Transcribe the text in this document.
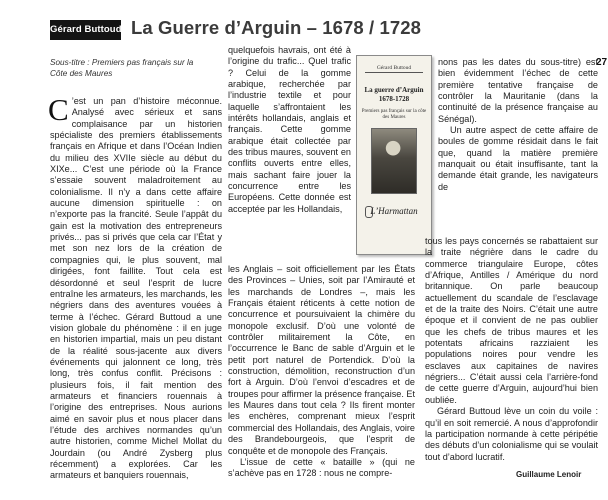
Gérard Buttoud La Guerre d’Arguin – 1678 / 1728
27
Sous-titre : Premiers pas français sur la Côte des Maures

C ’est un pan d’histoire méconnue. Analysé avec sérieux et sans complaisance par un historien spécialiste des premiers établissements français en Afrique et dans l’Océan Indien du milieu des XVIIe siècle au début du XIXe... C’est une période où la France s’essaie souvent maladroitement au colonialisme. Il n’y a dans cette affaire aucune dimension spirituelle : on n’exporte pas la francité. Seule l’appât du gain est la motivation des entrepreneurs privés... pas si privés que cela car l’État y met son nez lors de la création de compagnies qui, le plus souvent, mal dirigées, font faillite. Tout cela est désordonné et seul l’esprit de lucre entraîne les armateurs, les marchands, les négriers dans des aventures vouées à terme à l’échec. Gérard Buttoud a une vision globale du phénomène : il en juge en historien impartial, mais un peu distant de la réalité sous-jacente aux divers événements qui jalonnent ce long, très long, très confus conflit. Précisons : plusieurs fois, il fait mention des armateurs et financiers rouennais à l’origine des entreprises. Nous aurions aimé en savoir plus et nous placer dans l’étude des archives normandes qu’un autre historien, comme Michel Mollat du Jourdain (ou André Zysberg plus récemment) a explorées. Car les armateurs et banquiers rouennais,

quelquefois havrais, ont été à l’origine du trafic... Quel trafic ? Celui de la gomme arabique, recherchée par l’industrie textile et pour laquelle s’affrontaient les intérêts hollandais, anglais et français. Cette gomme arabique était collectée par des tribus maures, souvent en conflits ouverts entre elles, mais sachant faire jouer la concurrence entre les Européens. Cette donnée est acceptée par les Hollandais,

Gérard Buttoud
La guerre d’Arguin 1678-1728
Premiers pas français sur la côte des Maures
L’Harmattan

les Anglais – soit officiellement par les États des Provinces – Unies, soit par l’Amirauté et les marchands de Londres –, mais les Français étaient réticents à cette notion de concurrence et poursuivaient la chimère du monopole exclusif. D’où une volonté de contrôler militairement la Côte, en l’occurrence le Banc de sable d’Arguin et le petit port naturel de Portendick. D’où la construction, démolition, reconstruction d’un fort à Arguin. D’où l’envoi d’escadres et de troupes pour affirmer la présence française. Et les Maures dans tout cela ? Ils firent monter les enchères, comprenant mieux l’esprit commercial des Hollandais, des Anglais, voire des Brandebourgeois, que l’esprit de conquête et de monopole des Français.

L’issue de cette « bataille » (qui ne s’achève pas en 1728 : nous ne compre-

nons pas les dates du sous-titre) est bien évidemment l’échec de cette première tentative française de contrôler la Mauritanie (dans la continuité de la présence française au Sénégal).

Un autre aspect de cette affaire de boules de gomme résidait dans le fait que, quand la matière première manquait ou était insuffisante, tant la demande était grande, les navigateurs de

tous les pays concernés se rabattaient sur la traite négrière dans le cadre du commerce triangulaire Europe, côtes d’Afrique, Antilles / Amérique du nord britannique. On parle beaucoup actuellement du scandale de l’esclavage et de la traite des Noirs. C’était une autre époque et il convient de ne pas oublier que les chefs de tribus maures et les potentats africains razziaient les populations noires pour vendre les esclaves aux capitaines de navires négriers... C’était aussi cela l’arrière-fond de cette guerre d’Arguin, aujourd’hui bien oubliée.

Gérard Buttoud lève un coin du voile : qu’il en soit remercié. A nous d’approfondir la participation normande à cette péripétie des débuts d’un colonialisme qui se voulait tout d’abord lucratif.

Guillaume Lenoir
